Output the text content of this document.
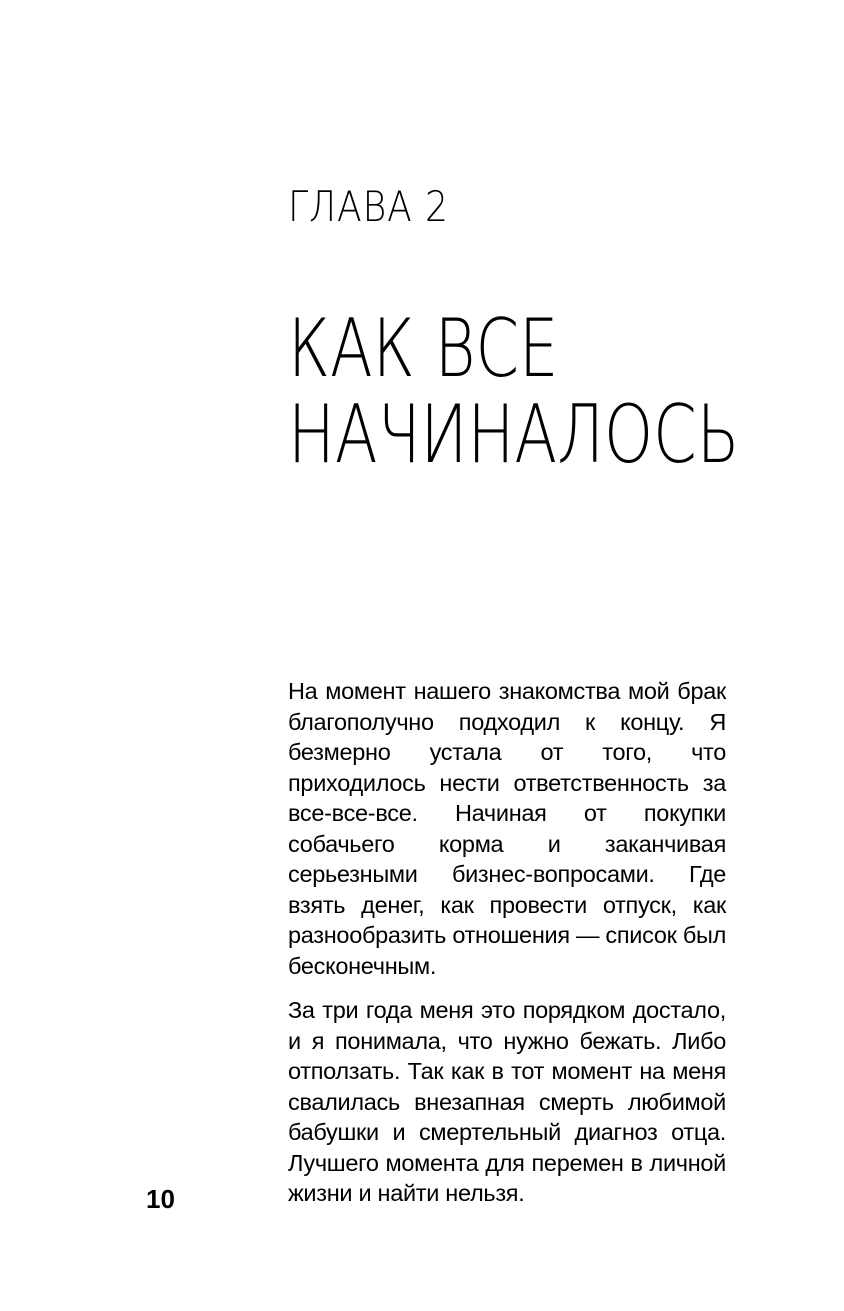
ГЛАВА 2
КАК ВСЕ
НАЧИНАЛОСЬ

На момент нашего знакомства мой брак благополучно подходил к концу. Я безмерно устала от того, что приходилось нести ответственность за все-все-все. Начиная от покупки собачьего корма и заканчивая серьезными бизнес-вопросами. Где взять денег, как провести отпуск, как разнообразить отношения — список был бесконечным.

За три года меня это порядком достало, и я понимала, что нужно бежать. Либо отползать. Так как в тот момент на меня свалилась внезапная смерть любимой бабушки и смертельный диагноз отца. Лучшего момента для перемен в личной жизни и найти нельзя.

10
